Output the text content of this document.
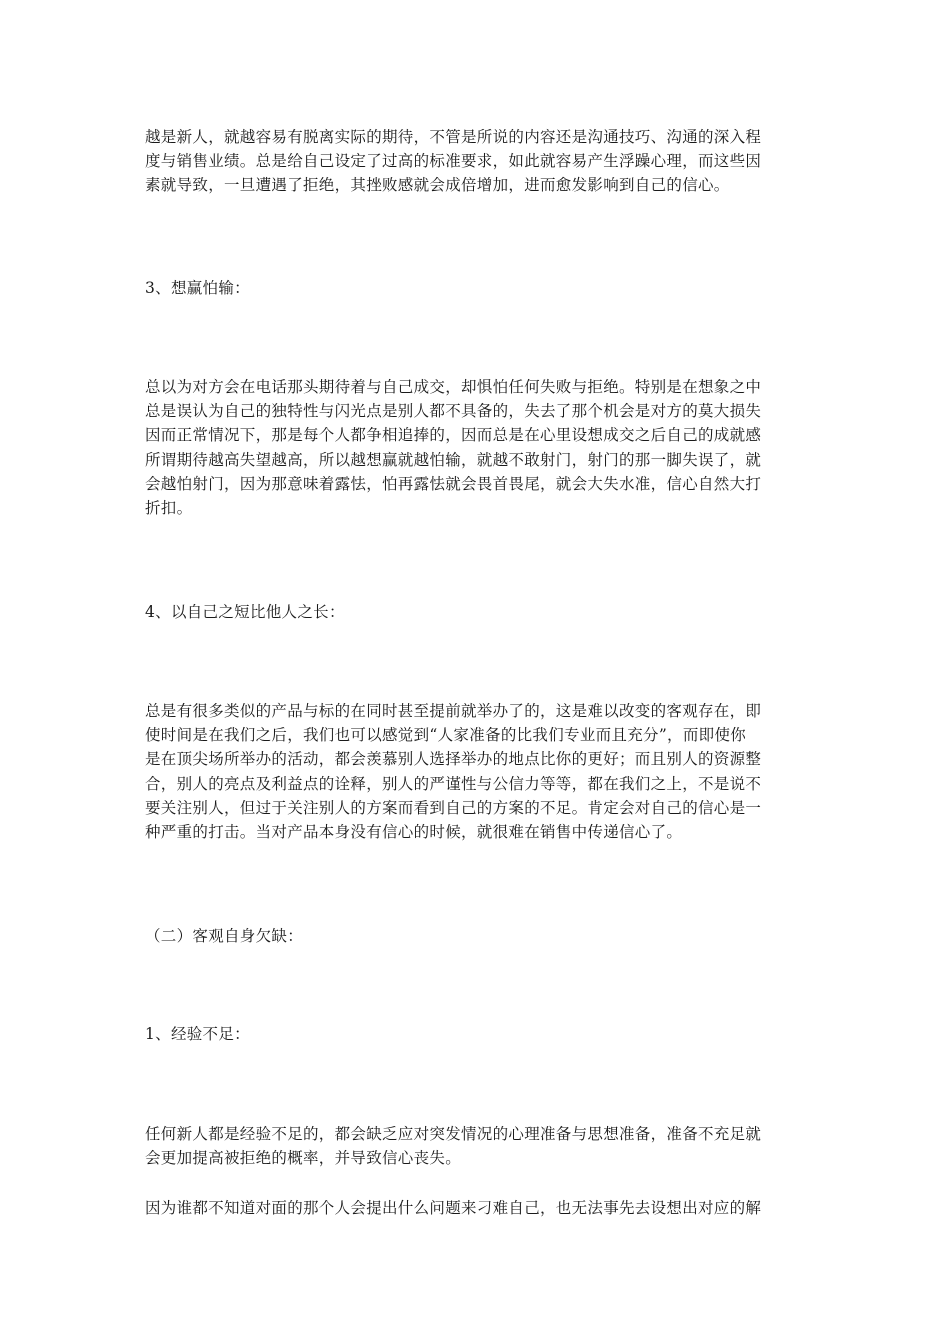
越是新人，就越容易有脱离实际的期待，不管是所说的内容还是沟通技巧、沟通的深入程
度与销售业绩。总是给自己设定了过高的标准要求，如此就容易产生浮躁心理，而这些因
素就导致，一旦遭遇了拒绝，其挫败感就会成倍增加，进而愈发影响到自己的信心。

3、想赢怕输：

总以为对方会在电话那头期待着与自己成交，却惧怕任何失败与拒绝。特别是在想象之中
总是误认为自己的独特性与闪光点是别人都不具备的，失去了那个机会是对方的莫大损失
因而正常情况下，那是每个人都争相追捧的，因而总是在心里设想成交之后自己的成就感
所谓期待越高失望越高，所以越想赢就越怕输，就越不敢射门，射门的那一脚失误了，就
会越怕射门，因为那意味着露怯，怕再露怯就会畏首畏尾，就会大失水准，信心自然大打
折扣。

4、以自己之短比他人之长：

总是有很多类似的产品与标的在同时甚至提前就举办了的，这是难以改变的客观存在，即
使时间是在我们之后，我们也可以感觉到“人家准备的比我们专业而且充分”，而即使你
是在顶尖场所举办的活动，都会羡慕别人选择举办的地点比你的更好；而且别人的资源整
合，别人的亮点及利益点的诠释，别人的严谨性与公信力等等，都在我们之上，不是说不
要关注别人，但过于关注别人的方案而看到自己的方案的不足。肯定会对自己的信心是一
种严重的打击。当对产品本身没有信心的时候，就很难在销售中传递信心了。

（二）客观自身欠缺：

1、经验不足：

任何新人都是经验不足的，都会缺乏应对突发情况的心理准备与思想准备，准备不充足就
会更加提高被拒绝的概率，并导致信心丧失。

因为谁都不知道对面的那个人会提出什么问题来刁难自己，也无法事先去设想出对应的解
